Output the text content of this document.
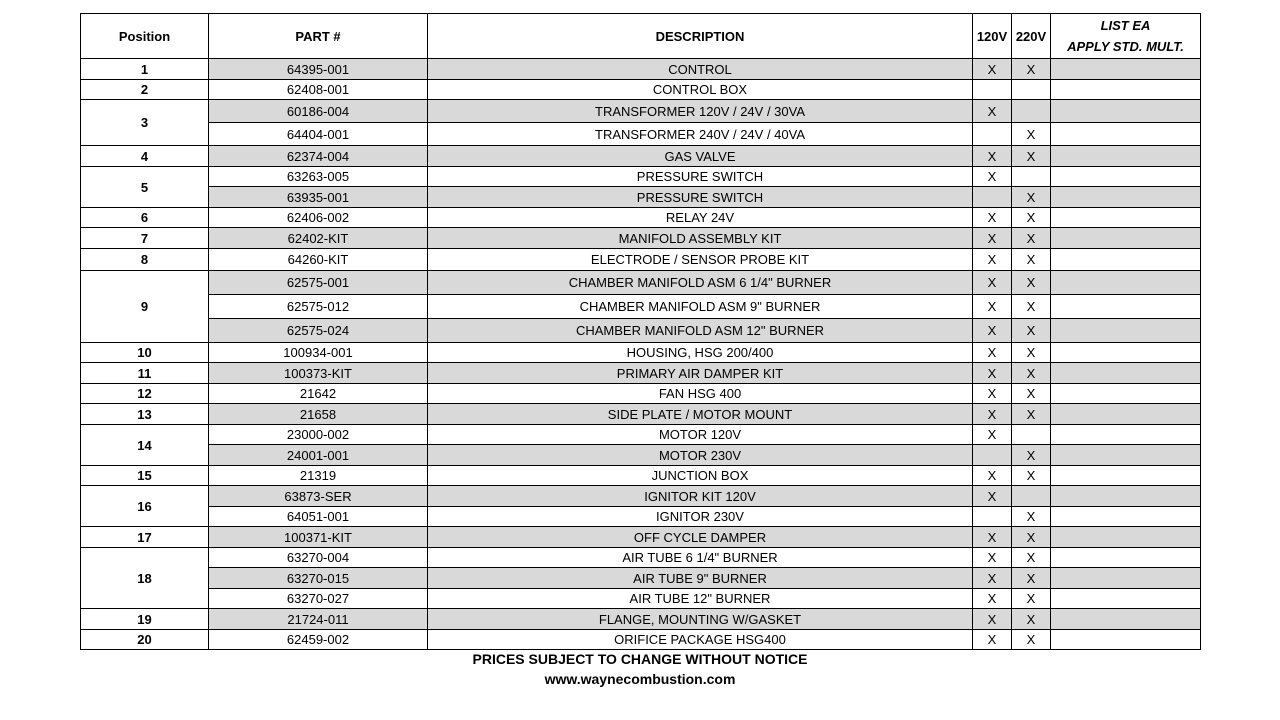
Position	PART #	DESCRIPTION	120V	220V	LIST EA
APPLY STD. MULT.

1	64395-001	CONTROL	X	X	
2	62408-001	CONTROL BOX			
3	60186-004	TRANSFORMER 120V / 24V / 30VA	X		
	64404-001	TRANSFORMER 240V / 24V / 40VA		X	
4	62374-004	GAS VALVE	X	X	
5	63263-005	PRESSURE SWITCH	X		
	63935-001	PRESSURE SWITCH		X	
6	62406-002	RELAY 24V	X	X	
7	62402-KIT	MANIFOLD ASSEMBLY KIT	X	X	
8	64260-KIT	ELECTRODE / SENSOR PROBE KIT	X	X	
9	62575-001	CHAMBER MANIFOLD ASM 6 1/4" BURNER	X	X	
	62575-012	CHAMBER MANIFOLD ASM 9" BURNER	X	X	
	62575-024	CHAMBER MANIFOLD ASM 12" BURNER	X	X	
10	100934-001	HOUSING, HSG 200/400	X	X	
11	100373-KIT	PRIMARY AIR DAMPER KIT	X	X	
12	21642	FAN HSG 400	X	X	
13	21658	SIDE PLATE / MOTOR MOUNT	X	X	
14	23000-002	MOTOR 120V	X		
	24001-001	MOTOR 230V		X	
15	21319	JUNCTION BOX	X	X	
16	63873-SER	IGNITOR KIT 120V	X		
	64051-001	IGNITOR 230V		X	
17	100371-KIT	OFF CYCLE DAMPER	X	X	
18	63270-004	AIR TUBE 6 1/4" BURNER	X	X	
	63270-015	AIR TUBE 9" BURNER	X	X	
	63270-027	AIR TUBE 12" BURNER	X	X	
19	21724-011	FLANGE, MOUNTING W/GASKET	X	X	
20	62459-002	ORIFICE PACKAGE HSG400	X	X	
PRICES SUBJECT TO CHANGE WITHOUT NOTICE
www.waynecombustion.com
